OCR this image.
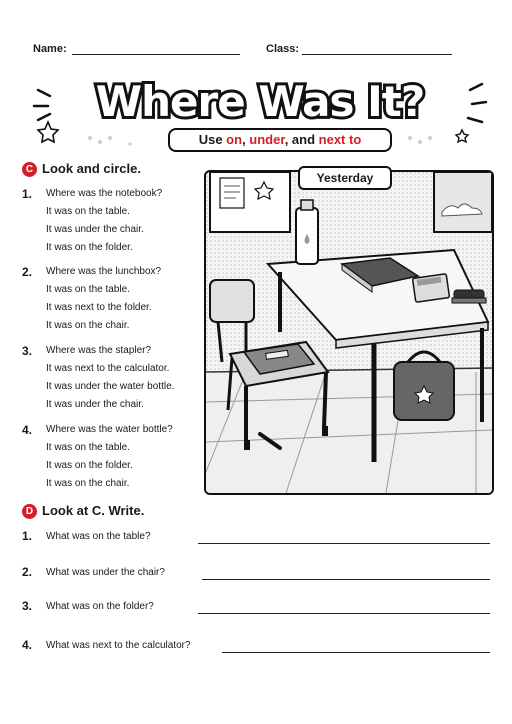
Name:	Class:
Where Was It?
Use on, under, and next to
C Look and circle.
1. Where was the notebook?
It was on the table.
It was under the chair.
It was on the folder.
2. Where was the lunchbox?
It was on the table.
It was next to the folder.
It was on the chair.
3. Where was the stapler?
It was next to the calculator.
It was under the water bottle.
It was under the chair.
4. Where was the water bottle?
It was on the table.
It was on the folder.
It was on the chair.
Yesterday
D Look at C. Write.
1. What was on the table?
2. What was under the chair?
3. What was on the folder?
4. What was next to the calculator?
